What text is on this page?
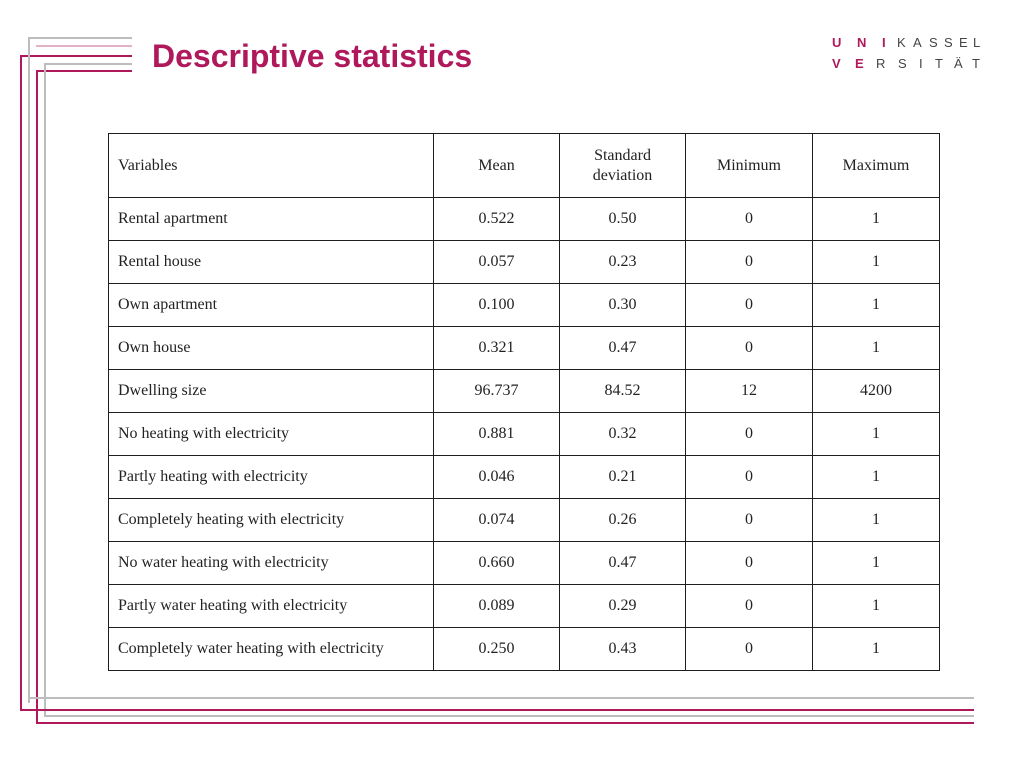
Descriptive statistics	U N I K A S S E L
V E R S I T Ä T
Variables	Mean	Standard deviation	Minimum	Maximum
Rental apartment	0.522	0.50	0	1
Rental house	0.057	0.23	0	1
Own apartment	0.100	0.30	0	1
Own house	0.321	0.47	0	1
Dwelling size	96.737	84.52	12	4200
No heating with electricity	0.881	0.32	0	1
Partly heating with electricity	0.046	0.21	0	1
Completely heating with electricity	0.074	0.26	0	1
No water heating with electricity	0.660	0.47	0	1
Partly water heating with electricity	0.089	0.29	0	1
Completely water heating with electricity	0.250	0.43	0	1
